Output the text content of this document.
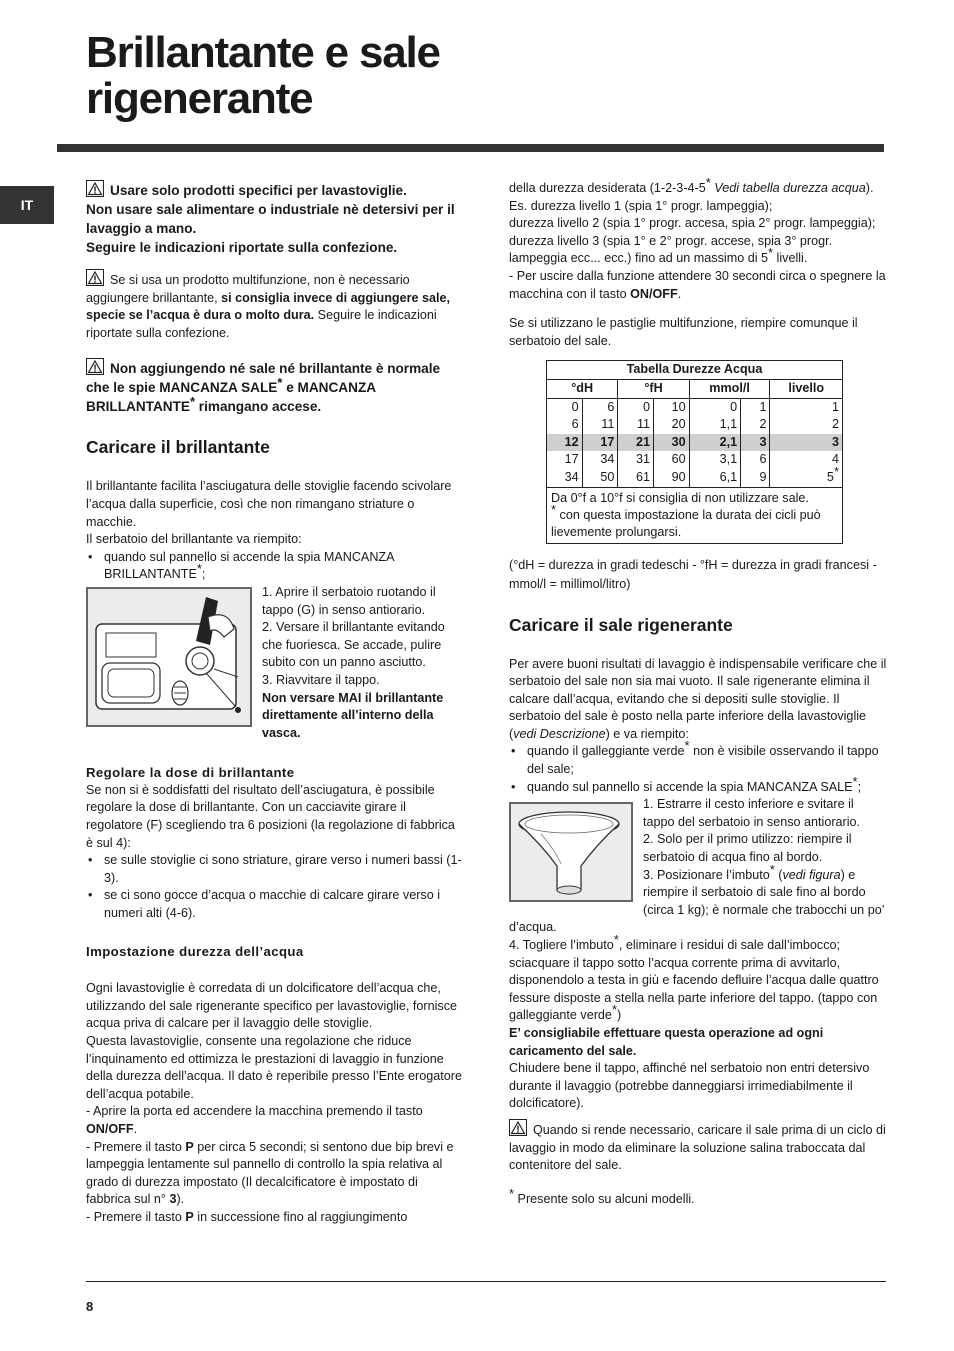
Brillantante e sale
rigenerante
IT

Usare solo prodotti specifici per lavastoviglie.
Non usare sale alimentare o industriale nè detersivi per il lavaggio a mano.
Seguire le indicazioni riportate sulla confezione.

Se si usa un prodotto multifunzione, non è necessario aggiungere brillantante, si consiglia invece di aggiungere sale, specie se l’acqua è dura o molto dura. Seguire le indicazioni riportate sulla confezione.

Non aggiungendo né sale né brillantante è normale che le spie MANCANZA SALE* e MANCANZA BRILLANTANTE* rimangano accese.

Caricare il brillantante

Il brillantante facilita l’asciugatura delle stoviglie facendo scivolare l’acqua dalla superficie, così che non rimangano striature o macchie.

Il serbatoio del brillantante va riempito:

• quando sul pannello si accende la spia MANCANZA BRILLANTANTE*;

1. Aprire il serbatoio ruotando il tappo (G) in senso antiorario.

2. Versare il brillantante evitando che fuoriesca. Se accade, pulire subito con un panno asciutto.

3. Riavvitare il tappo.

Non versare MAI il brillantante direttamente all’interno della vasca.

Regolare la dose di brillantante

Se non si è soddisfatti del risultato dell’asciugatura, è possibile regolare la dose di brillantante. Con un cacciavite girare il regolatore (F) scegliendo tra 6 posizioni (la regolazione di fabbrica è sul 4):

• se sulle stoviglie ci sono striature, girare verso i numeri bassi (1-3).
• se ci sono gocce d’acqua o macchie di calcare girare verso i numeri alti (4-6).
Impostazione durezza dell’acqua

Ogni lavastoviglie è corredata di un dolcificatore dell’acqua che, utilizzando del sale rigenerante specifico per lavastoviglie, fornisce acqua priva di calcare per il lavaggio delle stoviglie.

Questa lavastoviglie, consente una regolazione che riduce l’inquinamento ed ottimizza le prestazioni di lavaggio in funzione della durezza dell’acqua. Il dato è reperibile presso l’Ente erogatore dell’acqua potabile.

- Aprire la porta ed accendere la macchina premendo il tasto ON/OFF.

- Premere il tasto P per circa 5 secondi; si sentono due bip brevi e lampeggia lentamente sul pannello di controllo la spia relativa al grado di durezza impostato (Il decalcificatore è impostato di fabbrica sul n° 3).

- Premere il tasto P in successione fino al raggiungimento

della durezza desiderata (1-2-3-4-5* Vedi tabella durezza acqua).

Es. durezza livello 1 (spia 1° progr. lampeggia);

durezza livello 2 (spia 1° progr. accesa, spia 2° progr. lampeggia);

durezza livello 3 (spia 1° e 2° progr. accese, spia 3° progr. lampeggia ecc... ecc.) fino ad un massimo di 5* livelli.

- Per uscire dalla funzione attendere 30 secondi circa o spegnere la macchina con il tasto ON/OFF.

Se si utilizzano le pastiglie multifunzione, riempire comunque il serbatoio del sale.

Tabella Durezze Acqua						
°dH		°fH		mmol/l		livello
0	6	0	10	0	1	1
6	11	11	20	1,1	2	2
12	17	21	30	2,1	3	3
17	34	31	60	3,1	6	4
34	50	61	90	6,1	9	5*
Da 0°f a 10°f si consiglia di non utilizzare sale.
* con questa impostazione la durata dei cicli può lievemente prolungarsi.						

(°dH = durezza in gradi tedeschi - °fH = durezza in gradi francesi - mmol/l = millimol/litro)

Caricare il sale rigenerante

Per avere buoni risultati di lavaggio è indispensabile verificare che il serbatoio del sale non sia mai vuoto. Il sale rigenerante elimina il calcare dall’acqua, evitando che si depositi sulle stoviglie. Il serbatoio del sale è posto nella parte inferiore della lavastoviglie (vedi Descrizione) e va riempito:

• quando il galleggiante verde* non è visibile osservando il tappo del sale;
• quando sul pannello si accende la spia MANCANZA SALE*;

1. Estrarre il cesto inferiore e svitare il tappo del serbatoio in senso antiorario.

2. Solo per il primo utilizzo: riempire il serbatoio di acqua fino al bordo.

3. Posizionare l’imbuto* (vedi figura) e riempire il serbatoio di sale fino al bordo (circa 1 kg); è normale che trabocchi un po’ d’acqua.

4. Togliere l’imbuto*, eliminare i residui di sale dall’imbocco; sciacquare il tappo sotto l’acqua corrente prima di avvitarlo, disponendolo a testa in giù e facendo defluire l’acqua dalle quattro fessure disposte a stella nella parte inferiore del tappo. (tappo con galleggiante verde*)

E’ consigliabile effettuare questa operazione ad ogni caricamento del sale.

Chiudere bene il tappo, affinché nel serbatoio non entri detersivo durante il lavaggio (potrebbe danneggiarsi irrimediabilmente il dolcificatore).

Quando si rende necessario, caricare il sale prima di un ciclo di lavaggio in modo da eliminare la soluzione salina traboccata dal contenitore del sale.

* Presente solo su alcuni modelli.

8
